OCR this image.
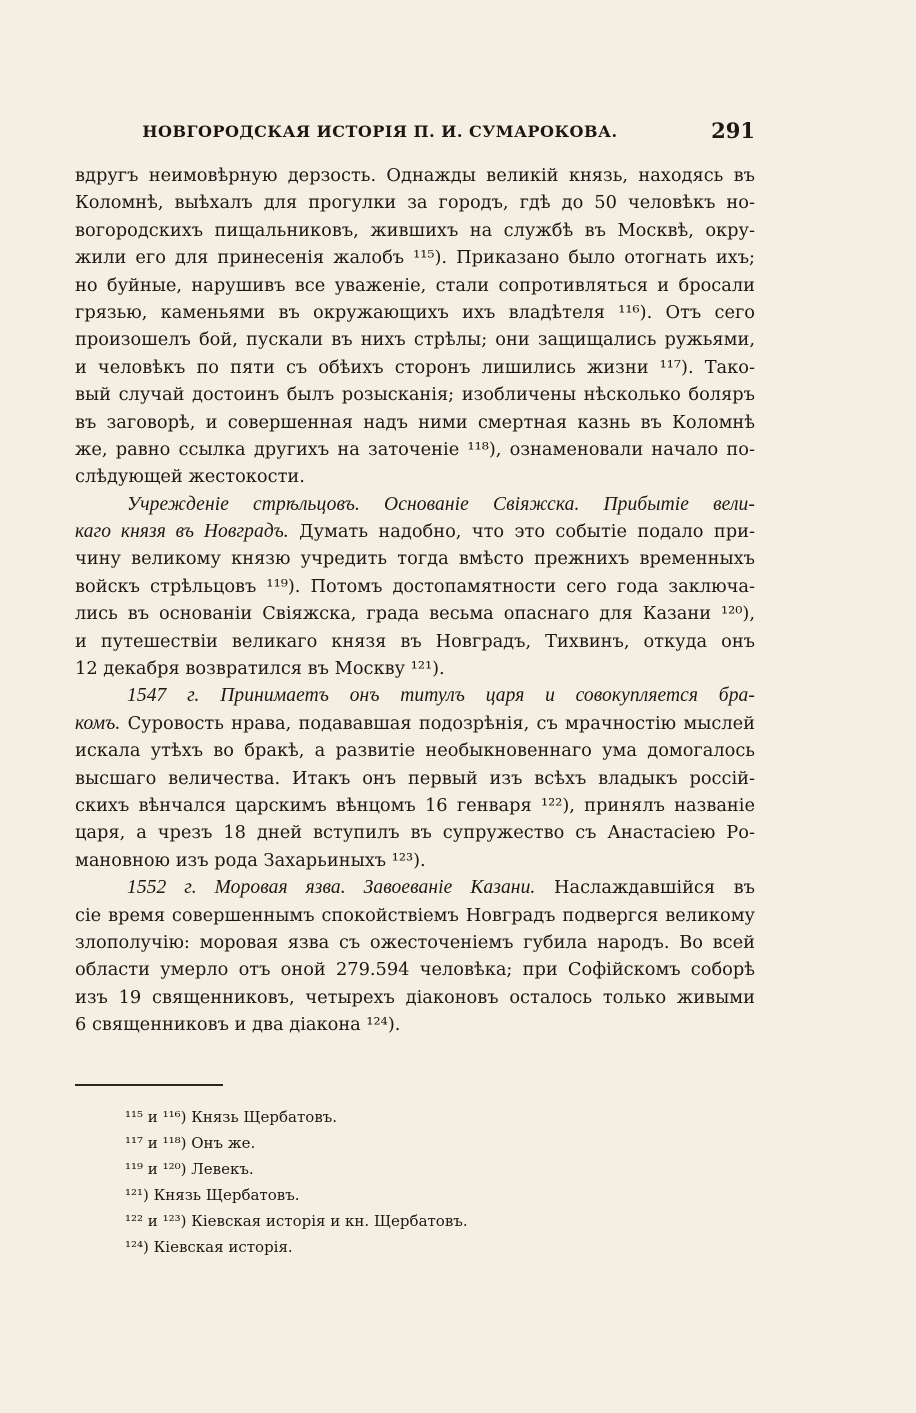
НОВГОРОДСКАЯ ИСТОРІЯ П. И. СУМАРОКОВА.	291
вдругъ неимовѣрную дерзость. Однажды великій князь, находясь въ
Коломнѣ, выѣхалъ для прогулки за городъ, гдѣ до 50 человѣкъ но-
вогородскихъ пищальниковъ, жившихъ на службѣ въ Москвѣ, окру-
жили его для принесенія жалобъ ¹¹⁵). Приказано было отогнать ихъ;
но буйные, нарушивъ все уваженіе, стали сопротивляться и бросали
грязью, каменьями въ окружающихъ ихъ владѣтеля ¹¹⁶). Отъ сего
произошелъ бой, пускали въ нихъ стрѣлы; они защищались ружьями,
и человѣкъ по пяти съ обѣихъ сторонъ лишились жизни ¹¹⁷). Тако-
вый случай достоинъ былъ розысканія; изобличены нѣсколько боляръ
въ заговорѣ, и совершенная надъ ними смертная казнь въ Коломнѣ
же, равно ссылка другихъ на заточеніе ¹¹⁸), ознаменовали начало по-
слѣдующей жестокости.
Учрежденіе стрѣльцовъ. Основаніе Свіяжска. Прибытіе вели-
каго князя въ Новградъ. Думать надобно, что это событіе подало при-
чину великому князю учредить тогда вмѣсто прежнихъ временныхъ
войскъ стрѣльцовъ ¹¹⁹). Потомъ достопамятности сего года заключа-
лись въ основаніи Свіяжска, града весьма опаснаго для Казани ¹²⁰),
и путешествіи великаго князя въ Новградъ, Тихвинъ, откуда онъ
12 декабря возвратился въ Москву ¹²¹).
1547 г. Принимаетъ онъ титулъ царя и совокупляется бра-
комъ. Суровость нрава, подававшая подозрѣнія, съ мрачностію мыслей
искала утѣхъ во бракѣ, а развитіе необыкновеннаго ума домогалось
высшаго величества. Итакъ онъ первый изъ всѣхъ владыкъ россій-
скихъ вѣнчался царскимъ вѣнцомъ 16 генваря ¹²²), принялъ названіе
царя, а чрезъ 18 дней вступилъ въ супружество съ Анастасіею Ро-
мановною изъ рода Захарьиныхъ ¹²³).
1552 г. Моровая язва. Завоеваніе Казани. Наслаждавшійся въ
сіе время совершеннымъ спокойствіемъ Новградъ подвергся великому
злополучію: моровая язва съ ожесточеніемъ губила народъ. Во всей
области умерло отъ оной 279.594 человѣка; при Софійскомъ соборѣ
изъ 19 священниковъ, четырехъ діаконовъ осталось только живыми
6 священниковъ и два діакона ¹²⁴).
¹¹⁵ и ¹¹⁶) Князь Щербатовъ.
¹¹⁷ и ¹¹⁸) Онъ же.
¹¹⁹ и ¹²⁰) Левекъ.
¹²¹) Князь Щербатовъ.
¹²² и ¹²³) Кіевская исторія и кн. Щербатовъ.
¹²⁴) Кіевская исторія.
